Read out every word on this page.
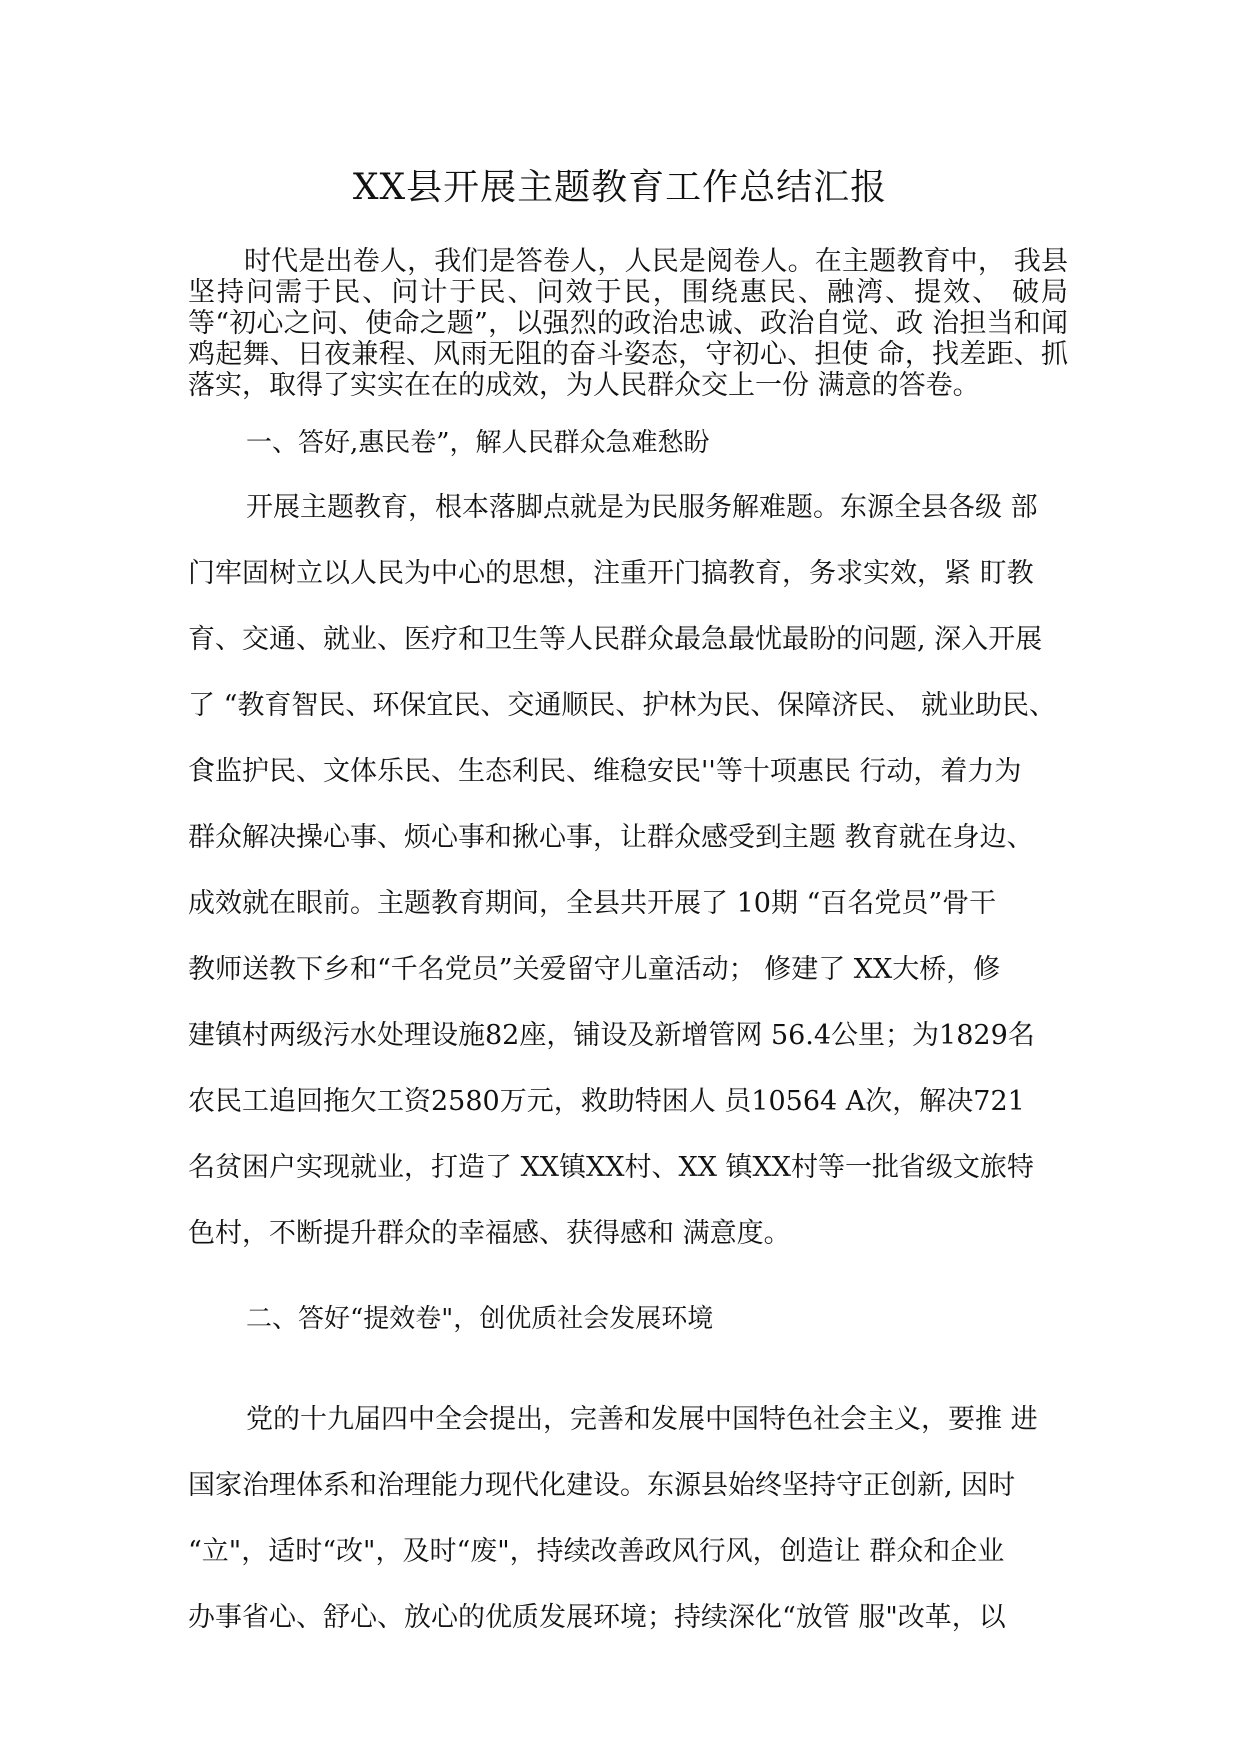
XX县开展主题教育工作总结汇报

时代是出卷人，我们是答卷人，人民是阅卷人。在主题教育中， 我县坚持问需于民、问计于民、问效于民，围绕惠民、融湾、提效、 破局等“初心之问、使命之题”，以强烈的政治忠诚、政治自觉、政 治担当和闻鸡起舞、日夜兼程、风雨无阻的奋斗姿态，守初心、担使 命，找差距、抓落实，取得了实实在在的成效，为人民群众交上一份 满意的答卷。

一、答好,惠民卷”，解人民群众急难愁盼
开展主题教育，根本落脚点就是为民服务解难题。东源全县各级 部
门牢固树立以人民为中心的思想，注重开门搞教育，务求实效，紧 盯教
育、交通、就业、医疗和卫生等人民群众最急最忧最盼的问题, 深入开展
了 “教育智民、环保宜民、交通顺民、护林为民、保障济民、 就业助民、
食监护民、文体乐民、生态利民、维稳安民''等十项惠民 行动，着力为
群众解决操心事、烦心事和揪心事，让群众感受到主题 教育就在身边、
成效就在眼前。主题教育期间，全县共开展了 10期 “百名党员”骨干
教师送教下乡和“千名党员”关爱留守儿童活动； 修建了 XX大桥，修
建镇村两级污水处理设施82座，铺设及新增管网 56.4公里；为1829名
农民工追回拖欠工资2580万元，救助特困人 员10564 A次，解决721
名贫困户实现就业，打造了 XX镇XX村、XX 镇XX村等一批省级文旅特
色村，不断提升群众的幸福感、获得感和 满意度。
二、答好“提效卷"，创优质社会发展环境
党的十九届四中全会提出，完善和发展中国特色社会主义，要推 进
国家治理体系和治理能力现代化建设。东源县始终坚持守正创新, 因时
“立"，适时“改"，及时“废"，持续改善政风行风，创造让 群众和企业
办事省心、舒心、放心的优质发展环境；持续深化“放管 服"改革，以
